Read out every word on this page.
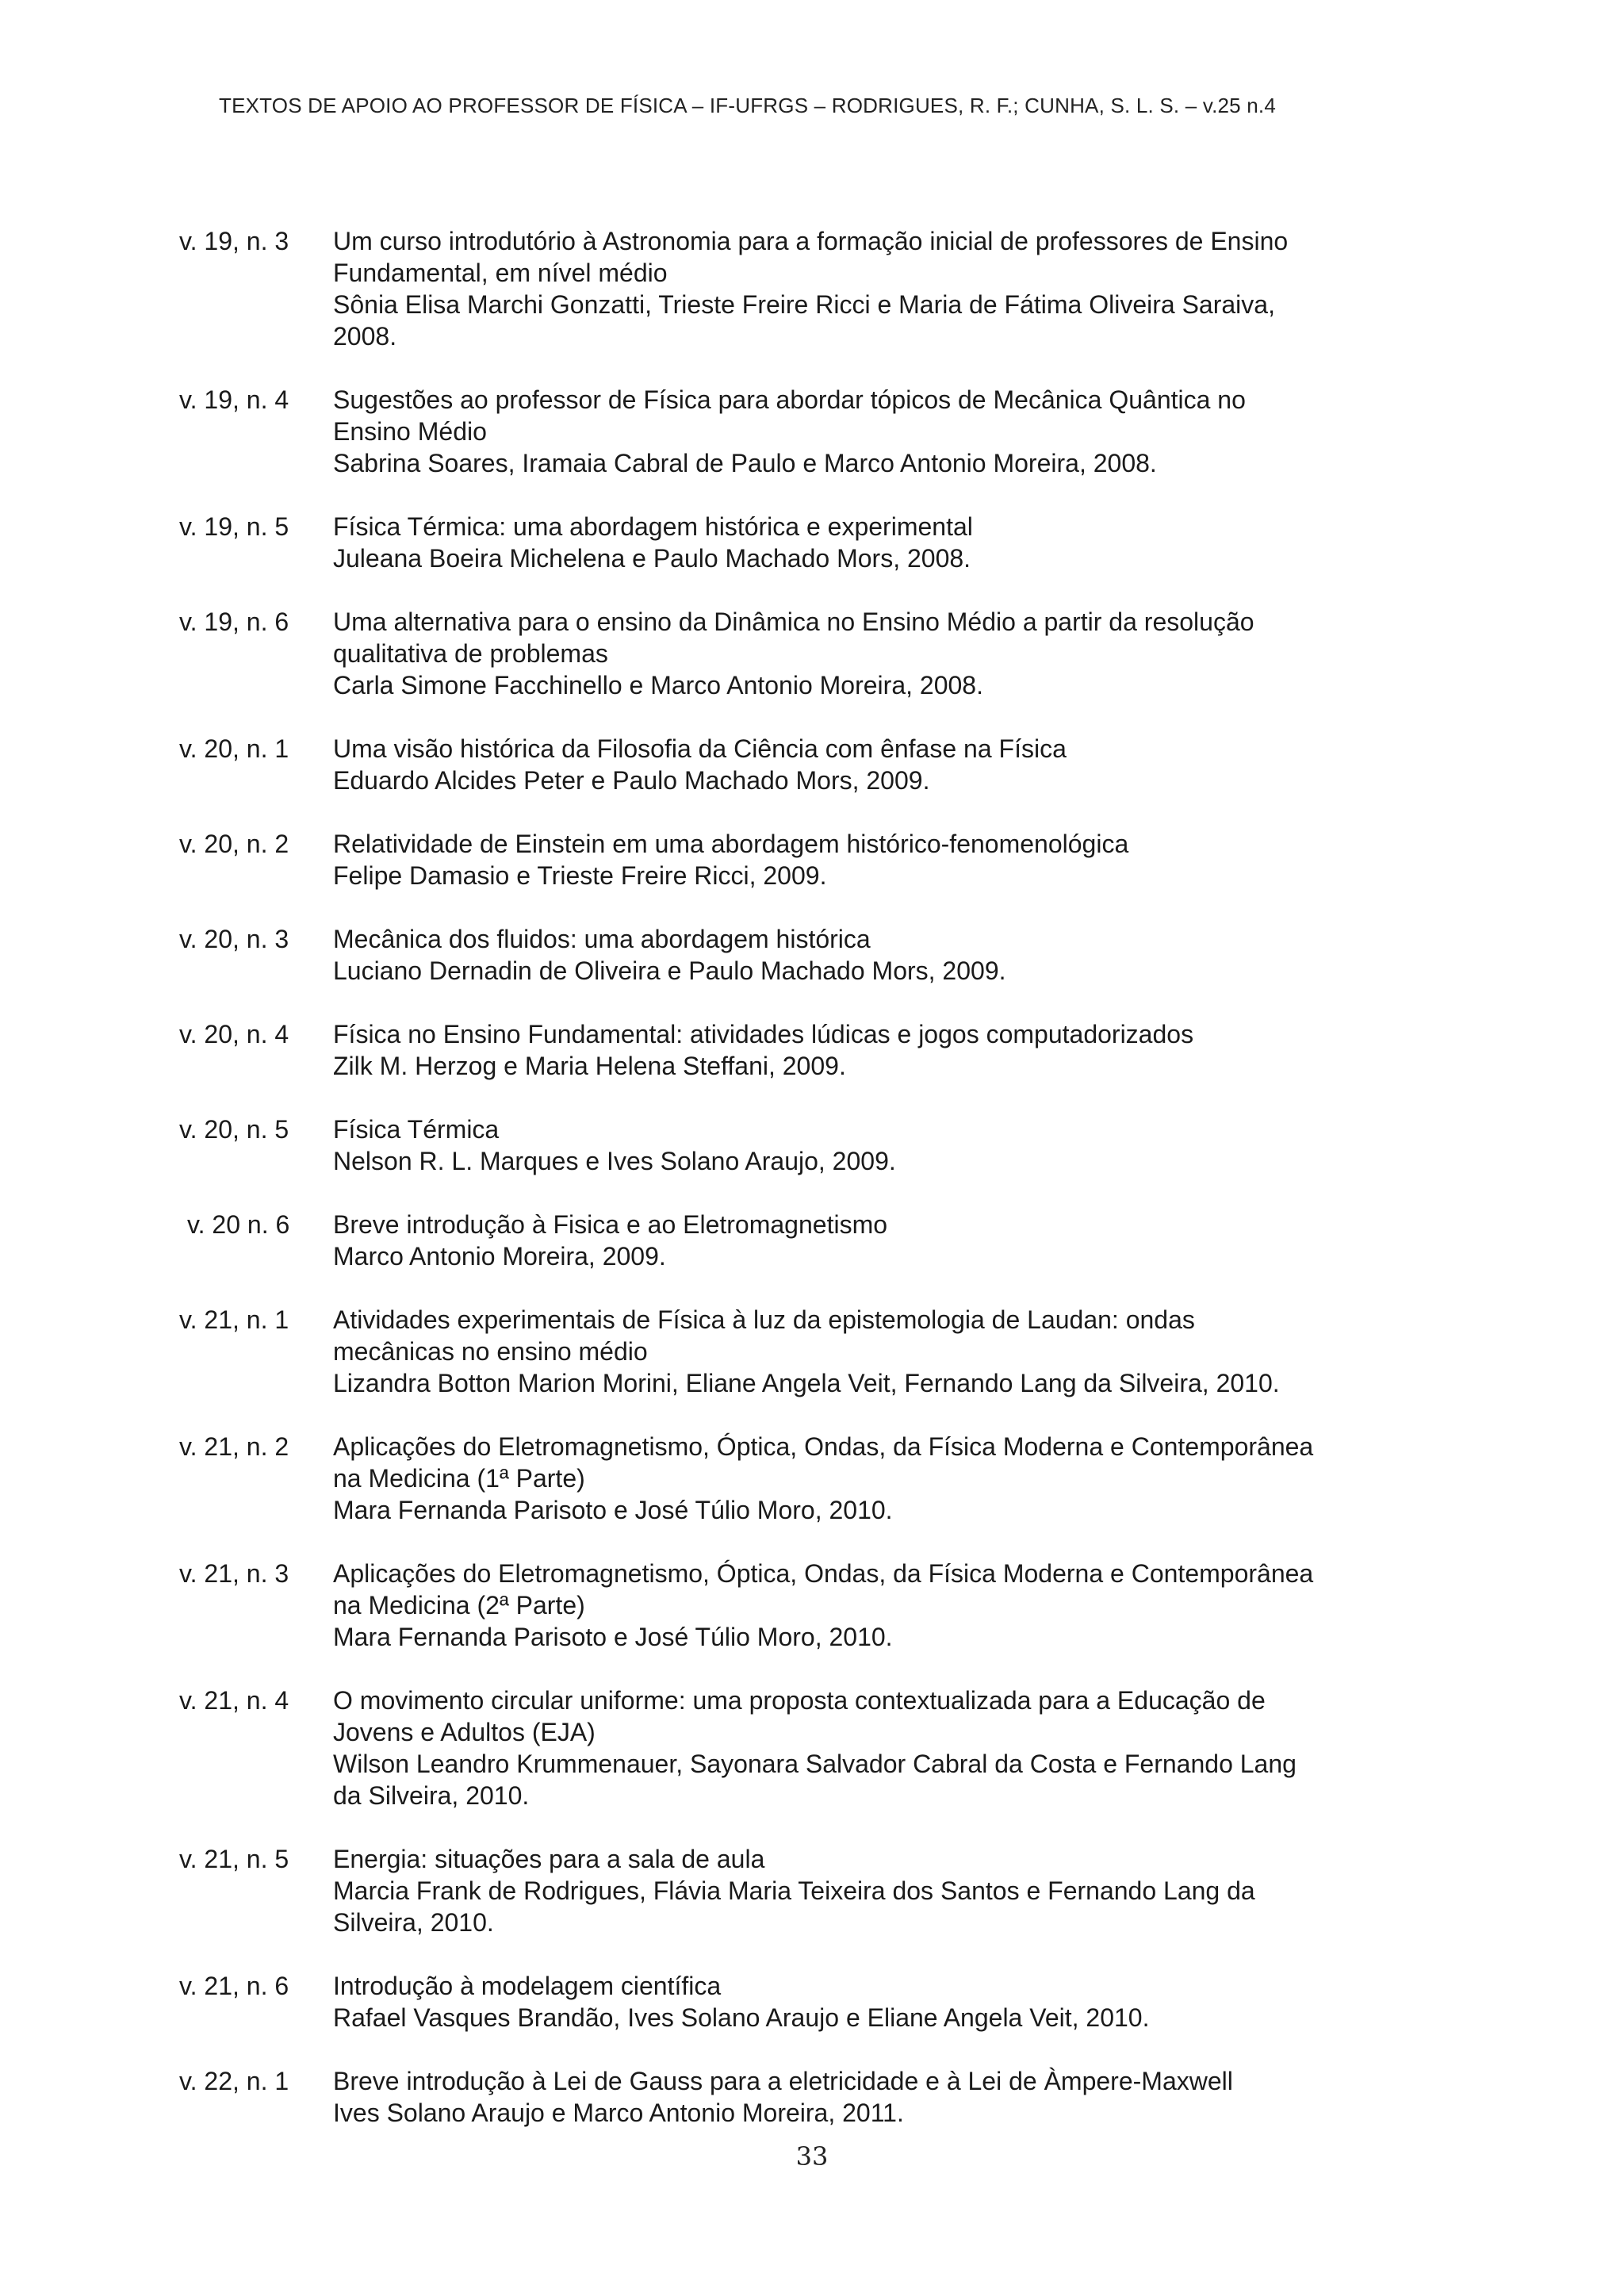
TEXTOS DE APOIO AO PROFESSOR DE FÍSICA – IF-UFRGS – RODRIGUES, R. F.; CUNHA, S. L. S. – v.25 n.4
v. 19, n. 3	Um curso introdutório à Astronomia para a formação inicial de professores de Ensino
Fundamental, em nível médio
Sônia Elisa Marchi Gonzatti, Trieste Freire Ricci e Maria de Fátima Oliveira Saraiva,
2008.
v. 19, n. 4	Sugestões ao professor de Física para abordar tópicos de Mecânica Quântica no
Ensino Médio
Sabrina Soares, Iramaia Cabral de Paulo e Marco Antonio Moreira, 2008.
v. 19, n. 5	Física Térmica: uma abordagem histórica e experimental
Juleana Boeira Michelena e Paulo Machado Mors, 2008.
v. 19, n. 6	Uma alternativa para o ensino da Dinâmica no Ensino Médio a partir da resolução
qualitativa de problemas
Carla Simone Facchinello e Marco Antonio Moreira, 2008.
v. 20, n. 1	Uma visão histórica da Filosofia da Ciência com ênfase na Física
Eduardo Alcides Peter e Paulo Machado Mors, 2009.
v. 20, n. 2	Relatividade de Einstein em uma abordagem histórico-fenomenológica
Felipe Damasio e Trieste Freire Ricci, 2009.
v. 20, n. 3	Mecânica dos fluidos: uma abordagem histórica
Luciano Dernadin de Oliveira e Paulo Machado Mors, 2009.
v. 20, n. 4	Física no Ensino Fundamental: atividades lúdicas e jogos computadorizados
Zilk M. Herzog e Maria Helena Steffani, 2009.
v. 20, n. 5	Física Térmica
Nelson R. L. Marques e Ives Solano Araujo, 2009.
v. 20 n. 6	Breve introdução à Fisica e ao Eletromagnetismo
Marco Antonio Moreira, 2009.
v. 21, n. 1	Atividades experimentais de Física à luz da epistemologia de Laudan: ondas
mecânicas no ensino médio
Lizandra Botton Marion Morini, Eliane Angela Veit, Fernando Lang da Silveira, 2010.
v. 21, n. 2	Aplicações do Eletromagnetismo, Óptica, Ondas, da Física Moderna e Contemporânea
na Medicina (1ª Parte)
Mara Fernanda Parisoto e José Túlio Moro, 2010.
v. 21, n. 3	Aplicações do Eletromagnetismo, Óptica, Ondas, da Física Moderna e Contemporânea
na Medicina (2ª Parte)
Mara Fernanda Parisoto e José Túlio Moro, 2010.
v. 21, n. 4	O movimento circular uniforme: uma proposta contextualizada para a Educação de
Jovens e Adultos (EJA)
Wilson Leandro Krummenauer, Sayonara Salvador Cabral da Costa e Fernando Lang
da Silveira, 2010.
v. 21, n. 5	Energia: situações para a sala de aula
Marcia Frank de Rodrigues, Flávia Maria Teixeira dos Santos e Fernando Lang da
Silveira, 2010.
v. 21, n. 6	Introdução à modelagem científica
Rafael Vasques Brandão, Ives Solano Araujo e Eliane Angela Veit, 2010.
v. 22, n. 1	Breve introdução à Lei de Gauss para a eletricidade e à Lei de Àmpere-Maxwell
Ives Solano Araujo e Marco Antonio Moreira, 2011.
33
